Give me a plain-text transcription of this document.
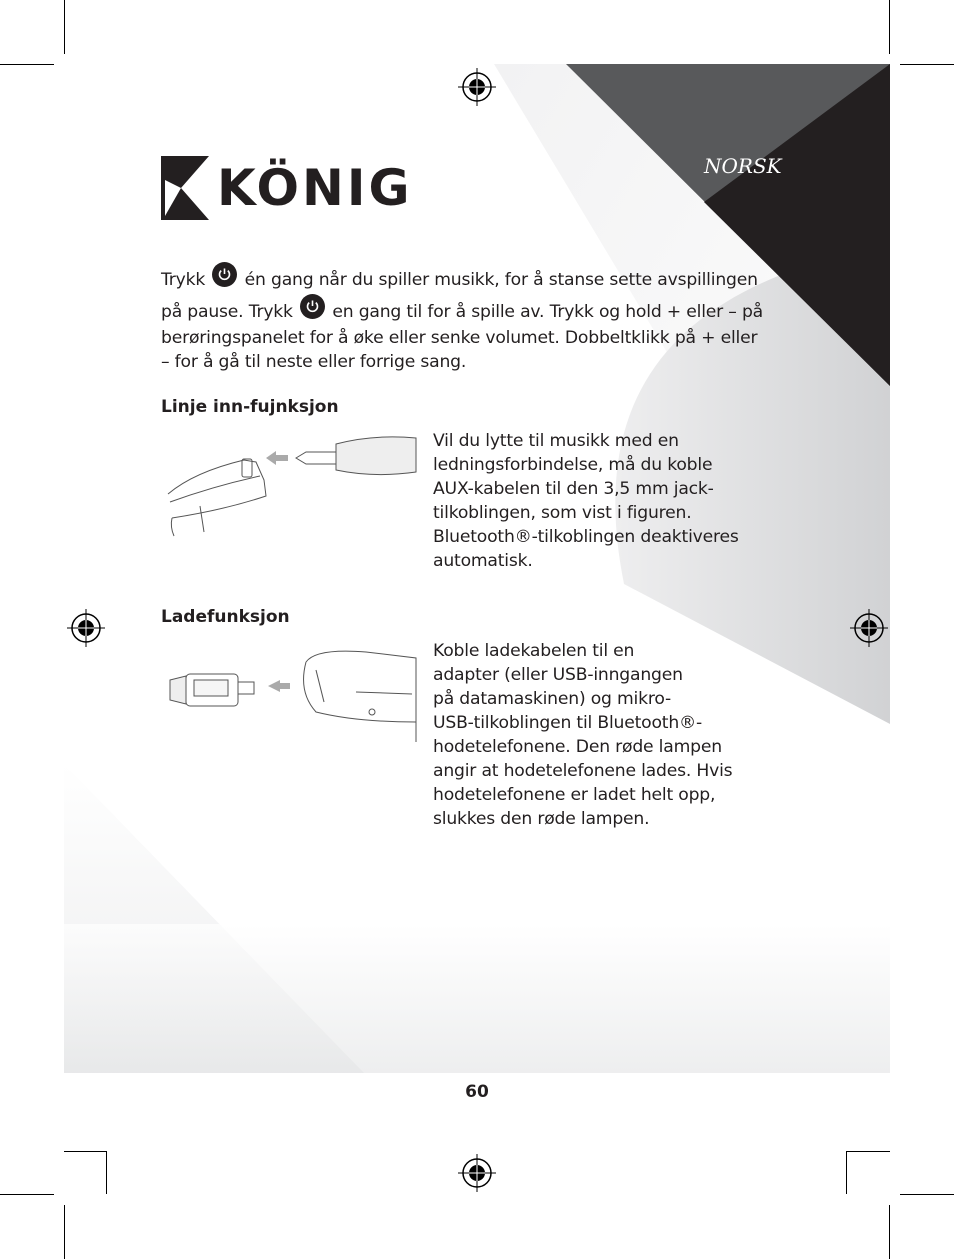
KÖNIG	NORSK
Trykk én gang når du spiller musikk, for å stanse sette avspillingen
på pause. Trykk en gang til for å spille av. Trykk og hold + eller – på
berøringspanelet for å øke eller senke volumet. Dobbeltklikk på + eller
– for å gå til neste eller forrige sang.
Linje inn-fujnksjon
Vil du lytte til musikk med en
ledningsforbindelse, må du koble
AUX-kabelen til den 3,5 mm jack-
tilkoblingen, som vist i figuren.
Bluetooth®-tilkoblingen deaktiveres
automatisk.
Ladefunksjon
Koble ladekabelen til en
adapter (eller USB-inngangen
på datamaskinen) og mikro-
USB-tilkoblingen til Bluetooth®-
hodetelefonene. Den røde lampen
angir at hodetelefonene lades. Hvis
hodetelefonene er ladet helt opp,
slukkes den røde lampen.
60
